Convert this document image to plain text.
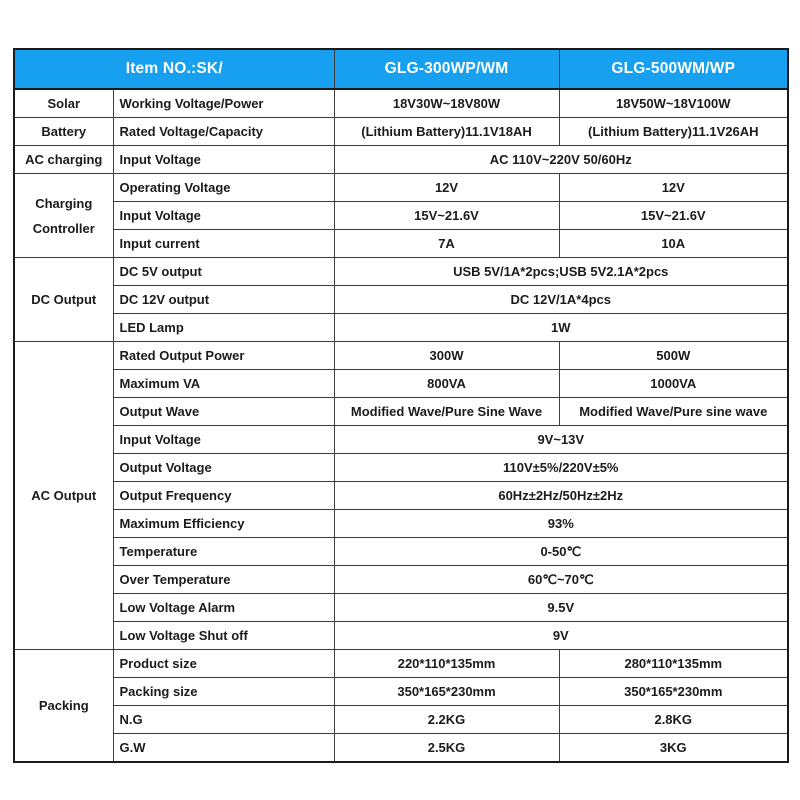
Item NO.:SK/		GLG-300WP/WM	GLG-500WM/WP
Solar	Working Voltage/Power	18V30W~18V80W	18V50W~18V100W
Battery	Rated Voltage/Capacity	(Lithium Battery)11.1V18AH	(Lithium Battery)11.1V26AH
AC charging	Input Voltage	AC 110V~220V 50/60Hz	
Charging Controller	Operating Voltage	12V	12V
	Input Voltage	15V~21.6V	15V~21.6V
	Input current	7A	10A
DC Output	DC 5V output	USB 5V/1A*2pcs;USB 5V2.1A*2pcs	
	DC 12V output	DC 12V/1A*4pcs	
	LED Lamp	1W	
AC Output	Rated Output Power	300W	500W
	Maximum VA	800VA	1000VA
	Output Wave	Modified Wave/Pure Sine Wave	Modified Wave/Pure sine wave
	Input Voltage	9V~13V	
	Output Voltage	110V±5%/220V±5%	
	Output Frequency	60Hz±2Hz/50Hz±2Hz	
	Maximum Efficiency	93%	
	Temperature	0-50℃	
	Over Temperature	60℃~70℃	
	Low Voltage Alarm	9.5V	
	Low Voltage Shut off	9V	
Packing	Product size	220*110*135mm	280*110*135mm
	Packing size	350*165*230mm	350*165*230mm
	N.G	2.2KG	2.8KG
	G.W	2.5KG	3KG
